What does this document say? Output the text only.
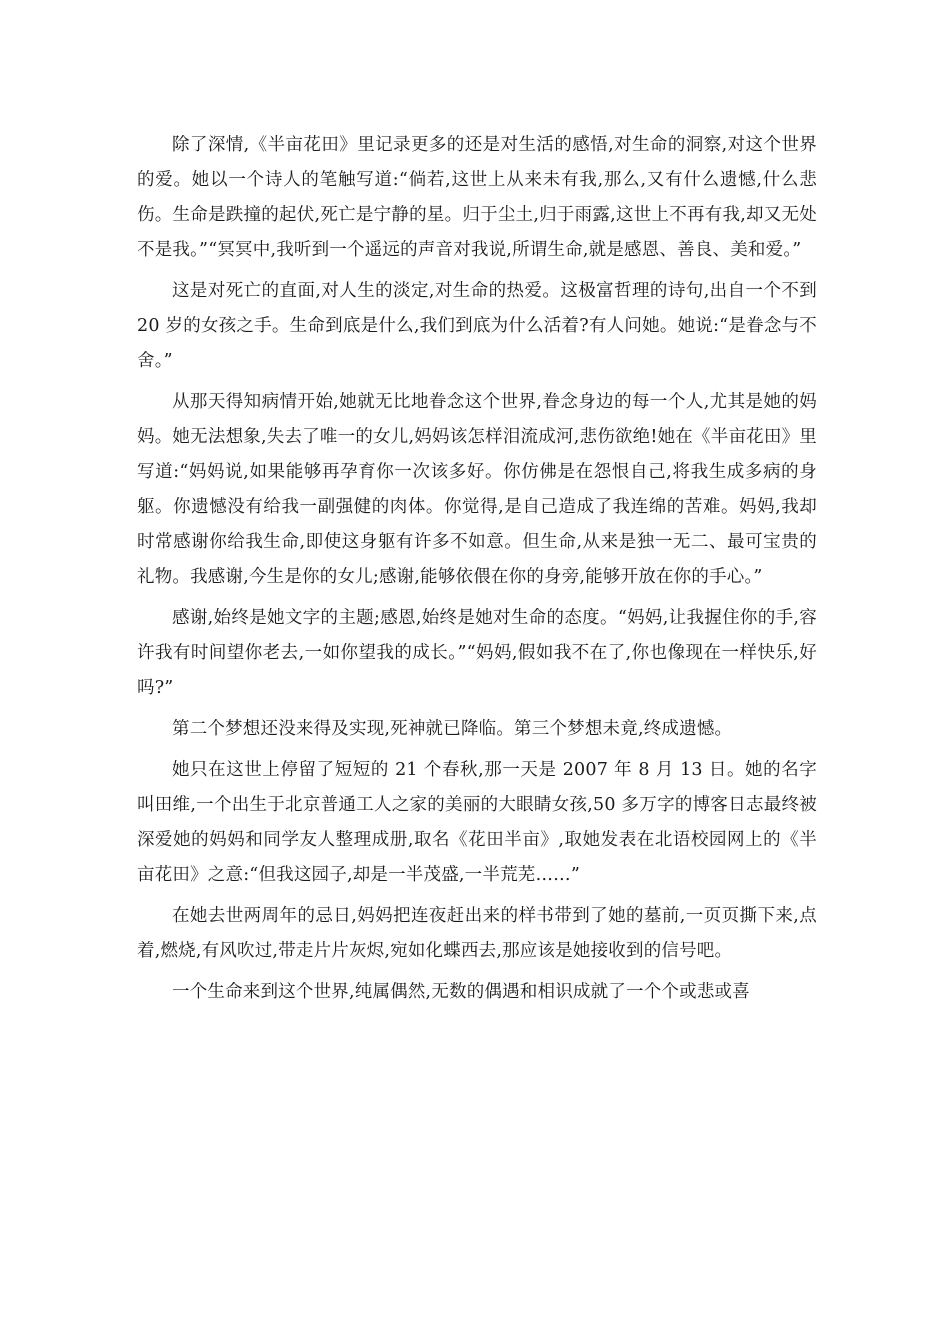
除了深情,《半亩花田》里记录更多的还是对生活的感悟,对生命的洞察,对这个世界的爱。她以一个诗人的笔触写道:“倘若,这世上从来未有我,那么,又有什么遗憾,什么悲伤。生命是跌撞的起伏,死亡是宁静的星。归于尘土,归于雨露,这世上不再有我,却又无处不是我。”“冥冥中,我听到一个遥远的声音对我说,所谓生命,就是感恩、善良、美和爱。”

这是对死亡的直面,对人生的淡定,对生命的热爱。这极富哲理的诗句,出自一个不到 20 岁的女孩之手。生命到底是什么,我们到底为什么活着?有人问她。她说:“是眷念与不舍。”

从那天得知病情开始,她就无比地眷念这个世界,眷念身边的每一个人,尤其是她的妈妈。她无法想象,失去了唯一的女儿,妈妈该怎样泪流成河,悲伤欲绝!她在《半亩花田》里写道:“妈妈说,如果能够再孕育你一次该多好。你仿佛是在怨恨自己,将我生成多病的身躯。你遗憾没有给我一副强健的肉体。你觉得,是自己造成了我连绵的苦难。妈妈,我却时常感谢你给我生命,即使这身躯有许多不如意。但生命,从来是独一无二、最可宝贵的礼物。我感谢,今生是你的女儿;感谢,能够依偎在你的身旁,能够开放在你的手心。”

感谢,始终是她文字的主题;感恩,始终是她对生命的态度。“妈妈,让我握住你的手,容许我有时间望你老去,一如你望我的成长。”“妈妈,假如我不在了,你也像现在一样快乐,好吗?”

第二个梦想还没来得及实现,死神就已降临。第三个梦想未竟,终成遗憾。

她只在这世上停留了短短的 21 个春秋,那一天是 2007 年 8 月 13 日。她的名字叫田维,一个出生于北京普通工人之家的美丽的大眼睛女孩,50 多万字的博客日志最终被深爱她的妈妈和同学友人整理成册,取名《花田半亩》,取她发表在北语校园网上的《半亩花田》之意:“但我这园子,却是一半茂盛,一半荒芜……”

在她去世两周年的忌日,妈妈把连夜赶出来的样书带到了她的墓前,一页页撕下来,点着,燃烧,有风吹过,带走片片灰烬,宛如化蝶西去,那应该是她接收到的信号吧。

一个生命来到这个世界,纯属偶然,无数的偶遇和相识成就了一个个或悲或喜
